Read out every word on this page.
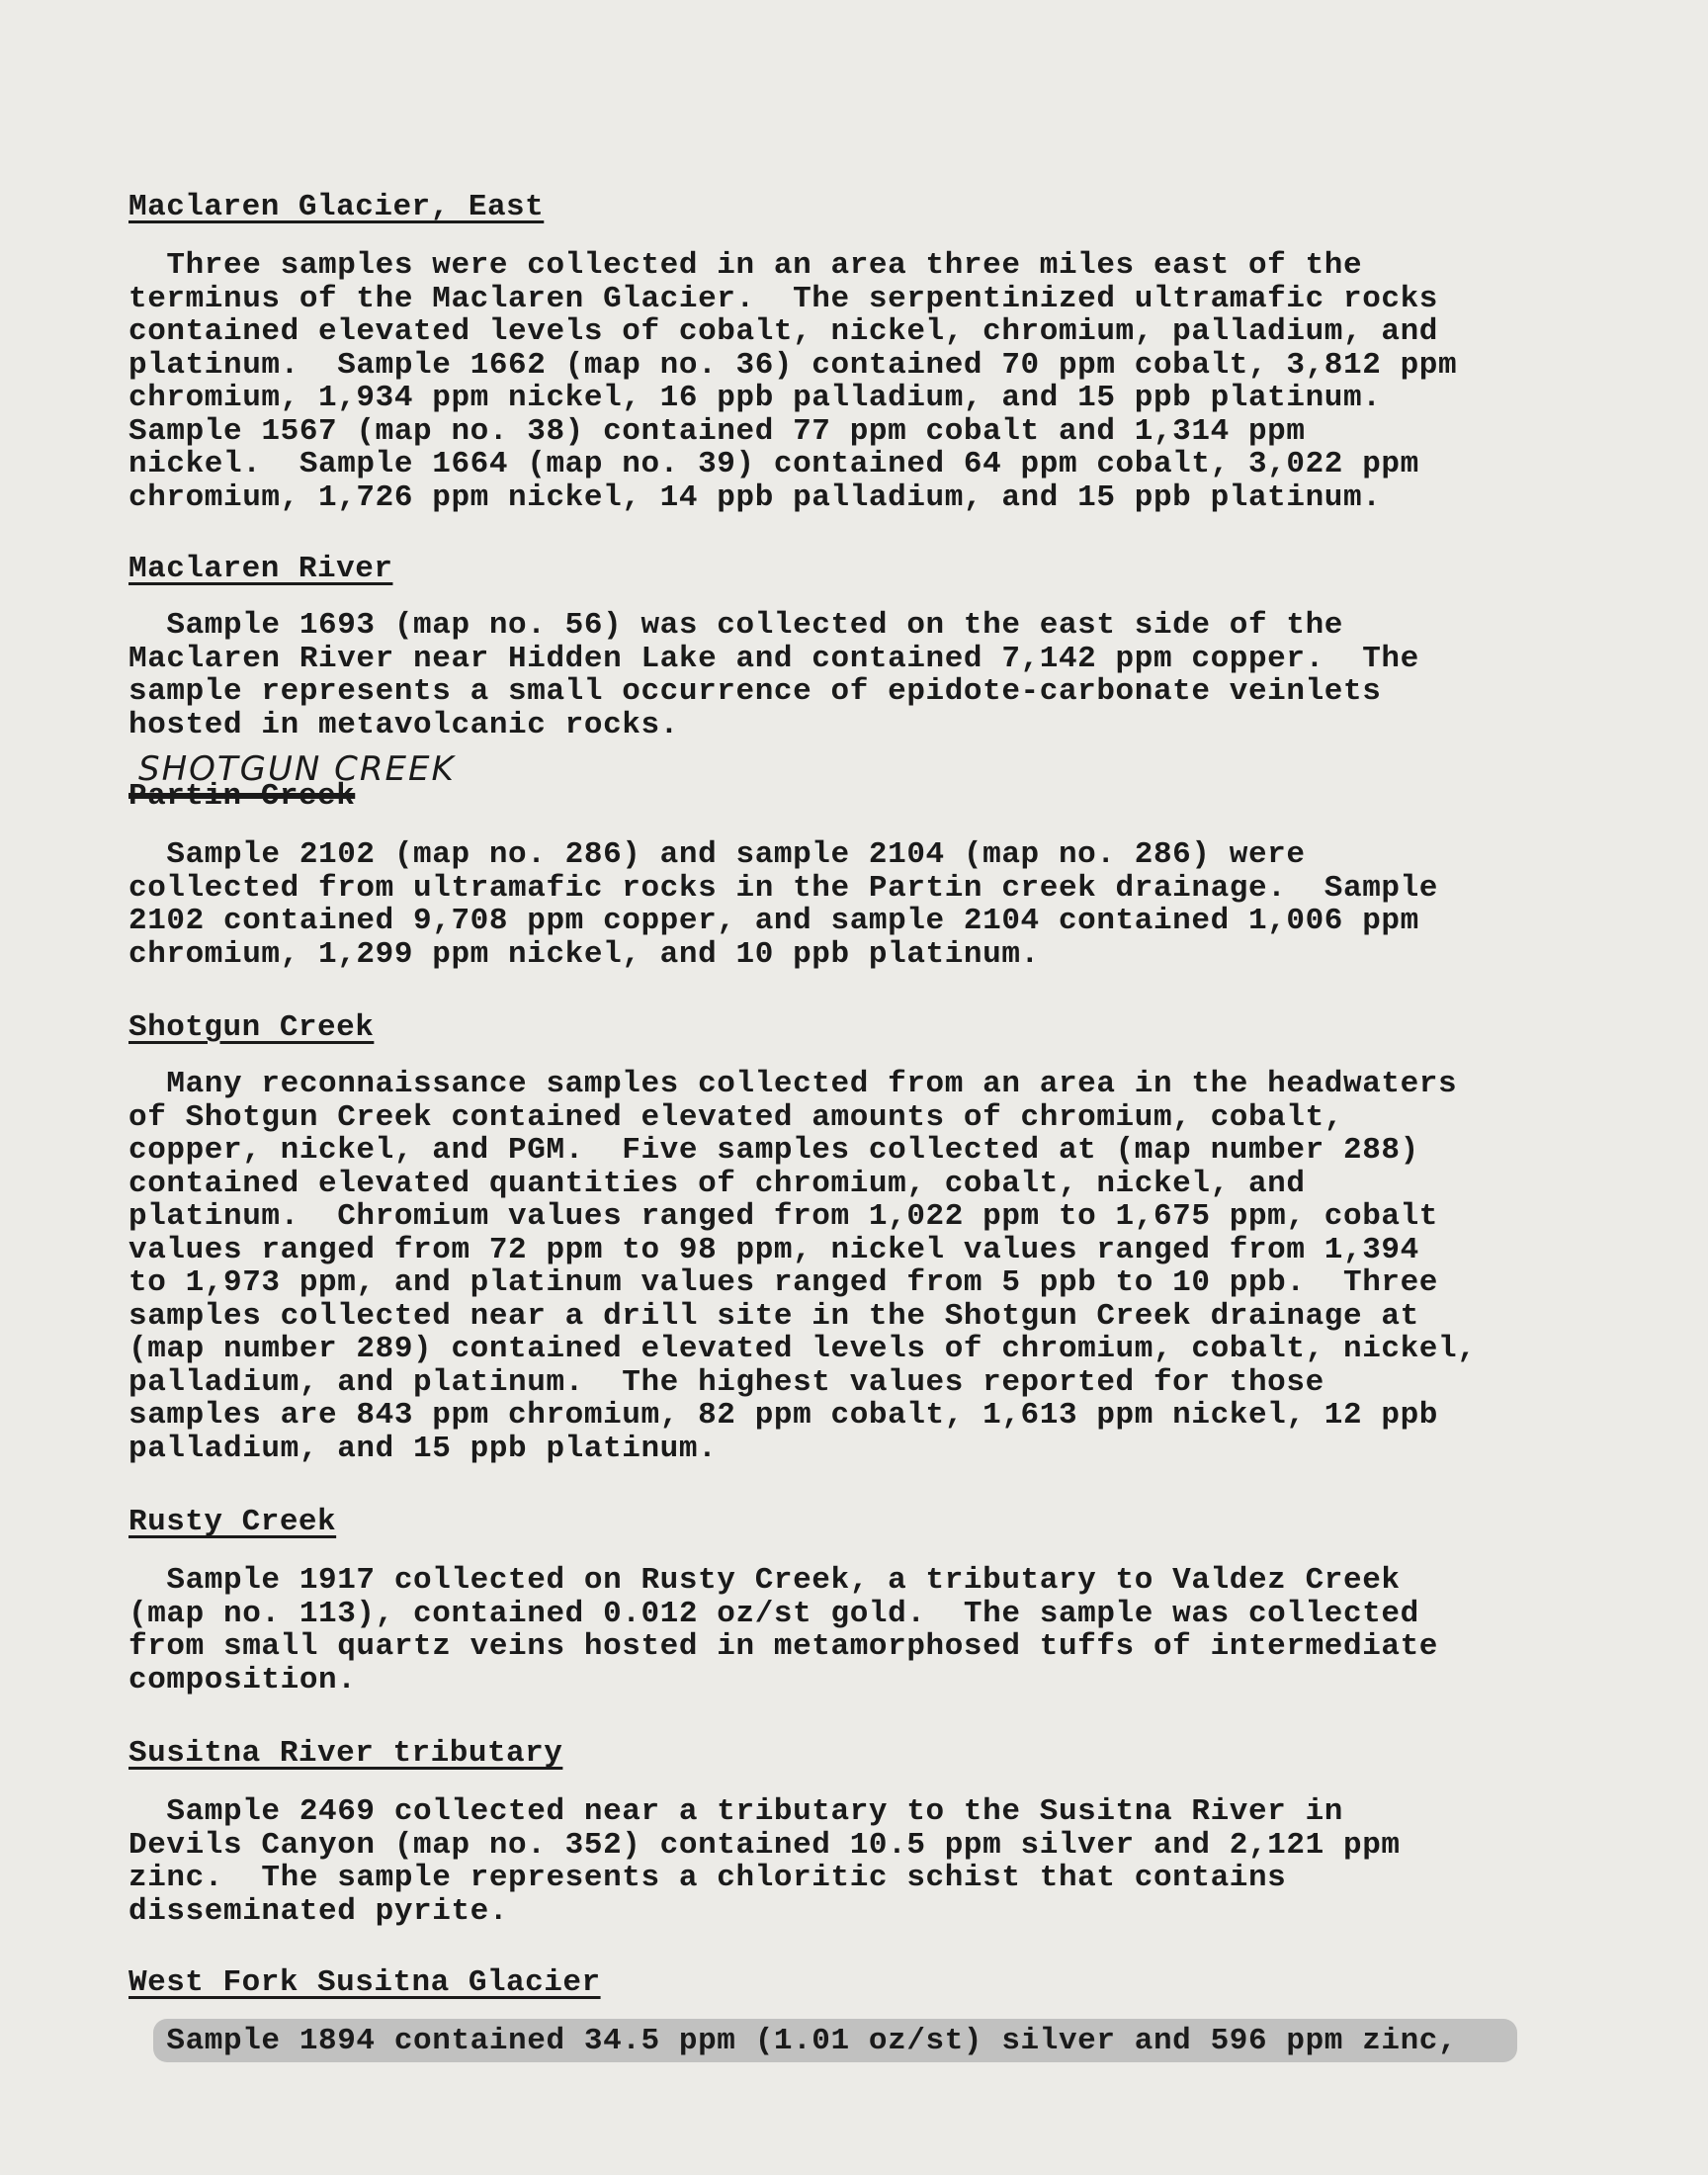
Maclaren Glacier, East

Three samples were collected in an area three miles east of the
terminus of the Maclaren Glacier.  The serpentinized ultramafic rocks
contained elevated levels of cobalt, nickel, chromium, palladium, and
platinum.  Sample 1662 (map no. 36) contained 70 ppm cobalt, 3,812 ppm
chromium, 1,934 ppm nickel, 16 ppb palladium, and 15 ppb platinum.
Sample 1567 (map no. 38) contained 77 ppm cobalt and 1,314 ppm
nickel.  Sample 1664 (map no. 39) contained 64 ppm cobalt, 3,022 ppm
chromium, 1,726 ppm nickel, 14 ppb palladium, and 15 ppb platinum.

Maclaren River

Sample 1693 (map no. 56) was collected on the east side of the
Maclaren River near Hidden Lake and contained 7,142 ppm copper.  The
sample represents a small occurrence of epidote-carbonate veinlets
hosted in metavolcanic rocks.

SHOTGUN CREEK

Partin Creek

Sample 2102 (map no. 286) and sample 2104 (map no. 286) were
collected from ultramafic rocks in the Partin creek drainage.  Sample
2102 contained 9,708 ppm copper, and sample 2104 contained 1,006 ppm
chromium, 1,299 ppm nickel, and 10 ppb platinum.

Shotgun Creek

Many reconnaissance samples collected from an area in the headwaters
of Shotgun Creek contained elevated amounts of chromium, cobalt,
copper, nickel, and PGM.  Five samples collected at (map number 288)
contained elevated quantities of chromium, cobalt, nickel, and
platinum.  Chromium values ranged from 1,022 ppm to 1,675 ppm, cobalt
values ranged from 72 ppm to 98 ppm, nickel values ranged from 1,394
to 1,973 ppm, and platinum values ranged from 5 ppb to 10 ppb.  Three
samples collected near a drill site in the Shotgun Creek drainage at
(map number 289) contained elevated levels of chromium, cobalt, nickel,
palladium, and platinum.  The highest values reported for those
samples are 843 ppm chromium, 82 ppm cobalt, 1,613 ppm nickel, 12 ppb
palladium, and 15 ppb platinum.

Rusty Creek

Sample 1917 collected on Rusty Creek, a tributary to Valdez Creek
(map no. 113), contained 0.012 oz/st gold.  The sample was collected
from small quartz veins hosted in metamorphosed tuffs of intermediate
composition.

Susitna River tributary

Sample 2469 collected near a tributary to the Susitna River in
Devils Canyon (map no. 352) contained 10.5 ppm silver and 2,121 ppm
zinc.  The sample represents a chloritic schist that contains
disseminated pyrite.

West Fork Susitna Glacier

Sample 1894 contained 34.5 ppm (1.01 oz/st) silver and 596 ppm zinc,
